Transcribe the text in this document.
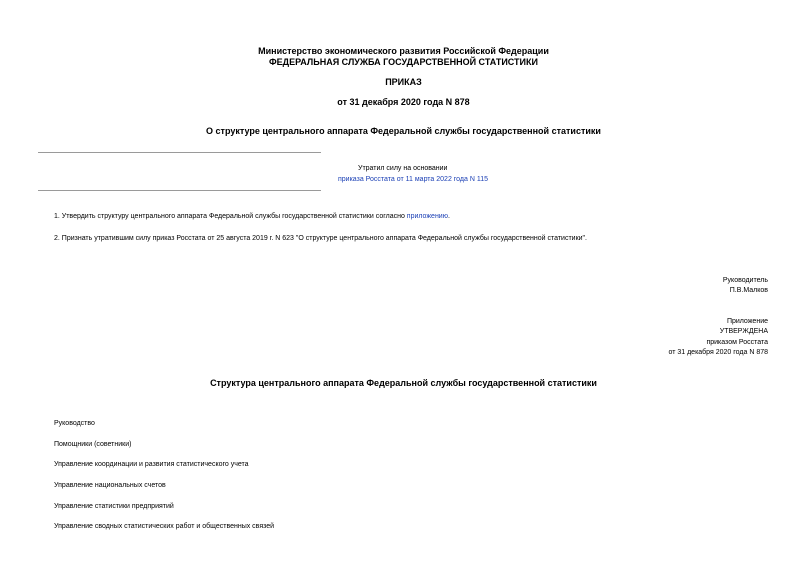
Министерство экономического развития Российской Федерации
ФЕДЕРАЛЬНАЯ СЛУЖБА ГОСУДАРСТВЕННОЙ СТАТИСТИКИ
ПРИКАЗ
от 31 декабря 2020 года N 878
О структуре центрального аппарата Федеральной службы государственной статистики
Утратил силу на основании
приказа Росстата от 11 марта 2022 года N 115
1. Утвердить структуру центрального аппарата Федеральной службы государственной статистики согласно приложению.
2. Признать утратившим силу приказ Росстата от 25 августа 2019 г. N 623 "О структуре центрального аппарата Федеральной службы государственной статистики".
Руководитель
П.В.Малков
Приложение
УТВЕРЖДЕНА
приказом Росстата
от 31 декабря 2020 года N 878
Структура центрального аппарата Федеральной службы государственной статистики
Руководство
Помощники (советники)
Управление координации и развития статистического учета
Управление национальных счетов
Управление статистики предприятий
Управление сводных статистических работ и общественных связей
